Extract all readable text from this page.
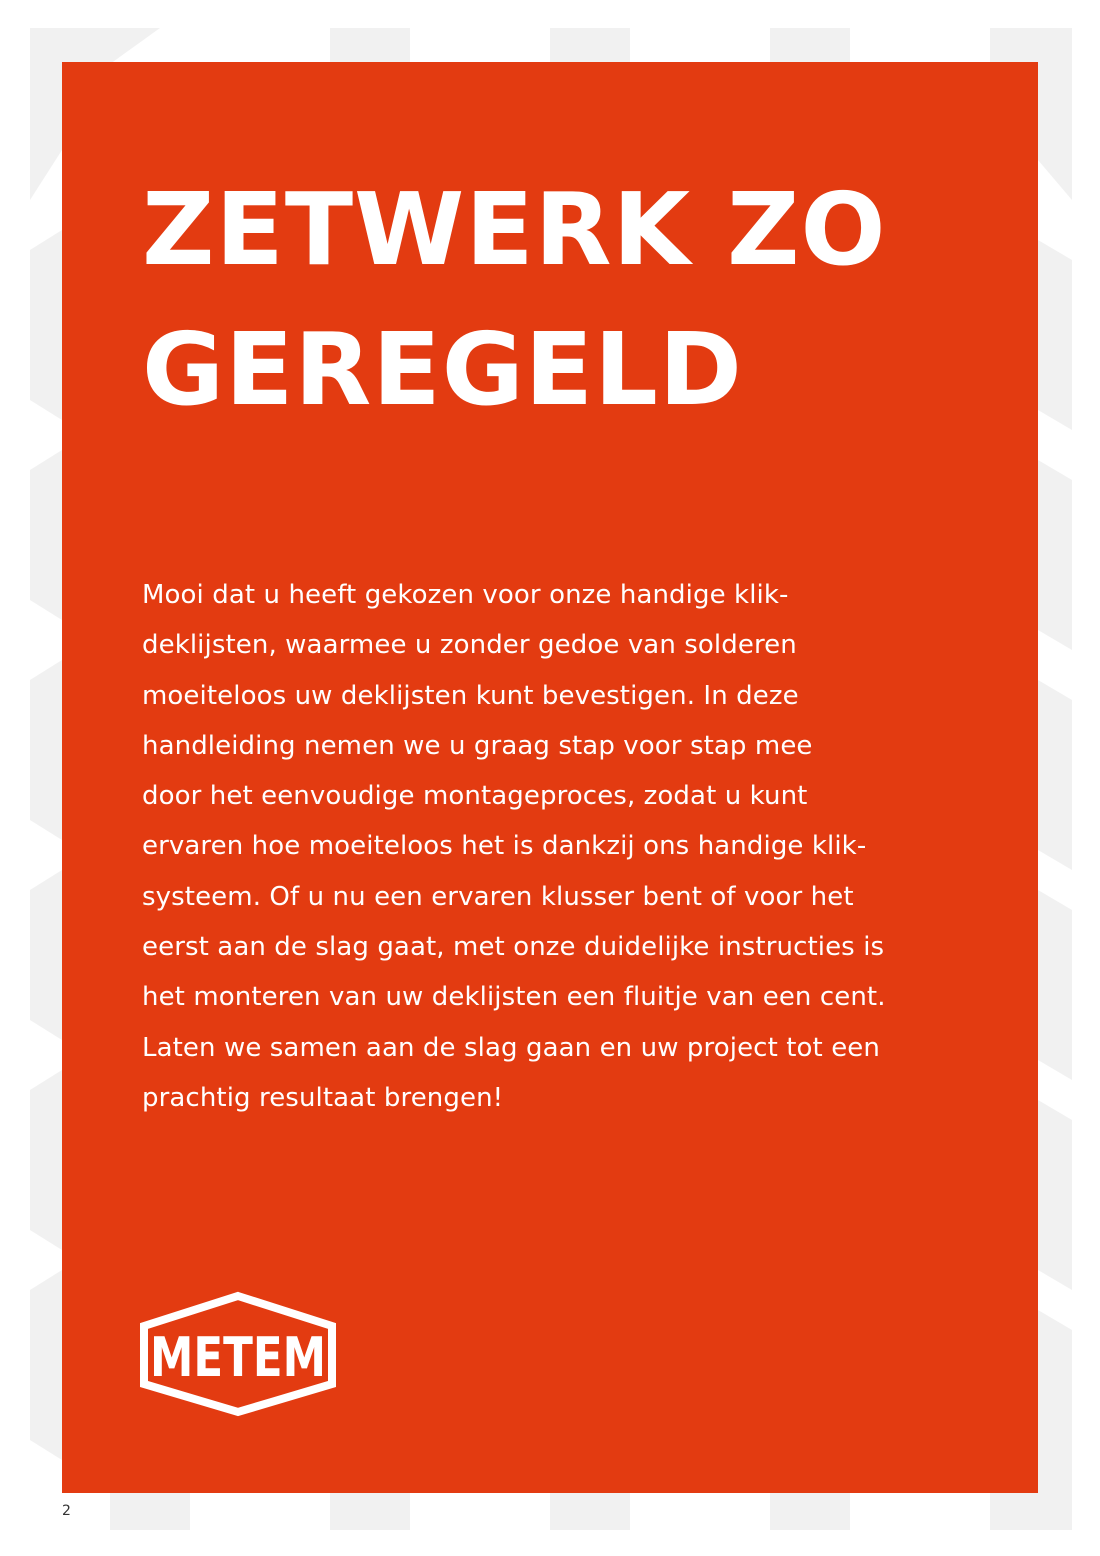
ZETWERK ZO
GEREGELD

Mooi dat u heeft gekozen voor onze handige klik-
deklijsten, waarmee u zonder gedoe van solderen
moeiteloos uw deklijsten kunt bevestigen. In deze
handleiding nemen we u graag stap voor stap mee
door het eenvoudige montageproces, zodat u kunt
ervaren hoe moeiteloos het is dankzij ons handige klik-
systeem. Of u nu een ervaren klusser bent of voor het
eerst aan de slag gaat, met onze duidelijke instructies is
het monteren van uw deklijsten een fluitje van een cent.
Laten we samen aan de slag gaan en uw project tot een
prachtig resultaat brengen!

METEM
2
